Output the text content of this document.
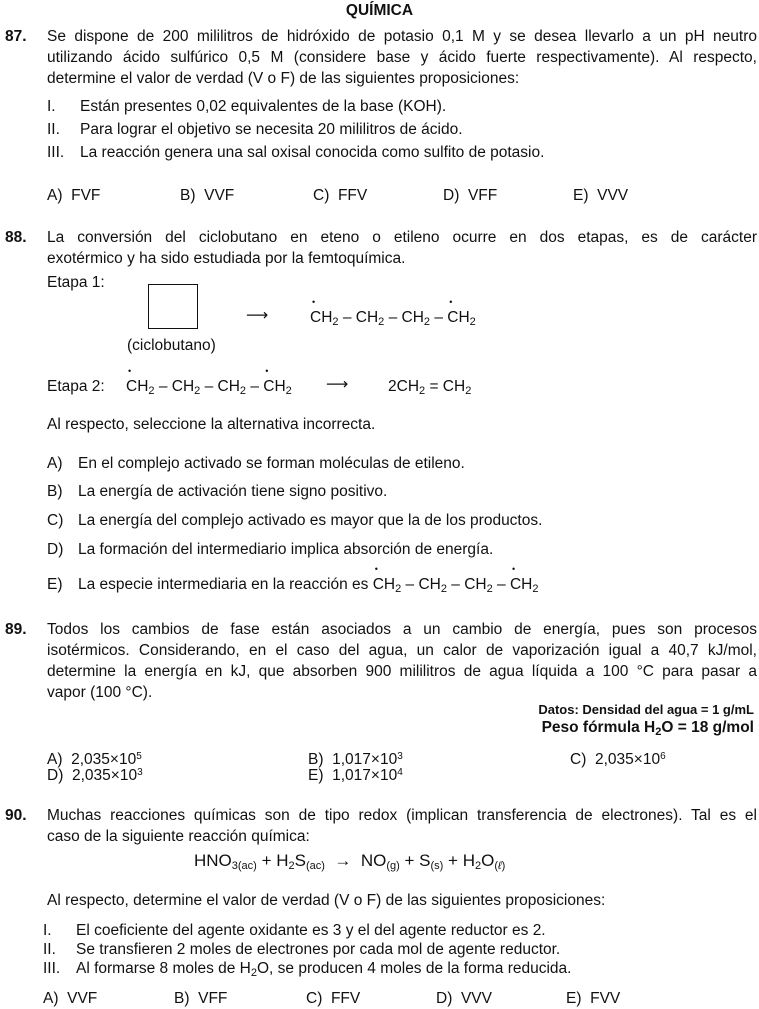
QUÍMICA
87. Se dispone de 200 mililitros de hidróxido de potasio 0,1 M y se desea llevarlo a un pH neutro
utilizando ácido sulfúrico 0,5 M (considere base y ácido fuerte respectivamente). Al respecto,
determine el valor de verdad (V o F) de las siguientes proposiciones:
I. Están presentes 0,02 equivalentes de la base (KOH).
II. Para lograr el objetivo se necesita 20 mililitros de ácido.
III. La reacción genera una sal oxisal conocida como sulfito de potasio.
A)  FVF	B)  VVF	C)  FFV	D)  VFF	E)  VVV
88. La conversión del ciclobutano en eteno o etileno ocurre en dos etapas, es de carácter
exotérmico y ha sido estudiada por la femtoquímica.
Etapa 1:
(ciclobutano)
⟶	• $CH_2 - CH_2 - CH_2$ – • $CH_2$
Etapa 2: • $CH_2 - CH_2 - CH_2$ – • $CH_2$ ⟶	$2CH_2 = CH_2$
Al respecto, seleccione la alternativa incorrecta.
A) En el complejo activado se forman moléculas de etileno.
B) La energía de activación tiene signo positivo.
C) La energía del complejo activado es mayor que la de los productos.
D) La formación del intermediario implica absorción de energía.
E) La especie intermediaria en la reacción es • $CH_2 - CH_2 - CH_2$ – • $CH_2$
89. Todos los cambios de fase están asociados a un cambio de energía, pues son procesos
isotérmicos. Considerando, en el caso del agua, un calor de vaporización igual a 40,7 kJ/mol,
determine la energía en kJ, que absorben 900 mililitros de agua líquida a 100 °C para pasar a
vapor (100 °C).
Datos: Densidad del agua = 1 g/mL
Peso fórmula $H_2O = 18$ g/mol
A) $2,035\times 10^5$	B) $1,017\times 10^3$	C) $2,035\times 10^6$
D) $2,035\times 10^3$	E) $1,017\times 10^4$
90. Muchas reacciones químicas son de tipo redox (implican transferencia de electrones). Tal es el
caso de la siguiente reacción química:
$HNO_{3(ac)} + H_2S_{(ac)} \to NO_{(g)} + S_{(s)} + H_2O_{(\ell)}$
Al respecto, determine el valor de verdad (V o F) de las siguientes proposiciones:
I. El coeficiente del agente oxidante es 3 y el del agente reductor es 2.
II. Se transfieren 2 moles de electrones por cada mol de agente reductor.
III. Al formarse 8 moles de $H_2O$, se producen 4 moles de la forma reducida.
A)  VVF	B)  VFF	C)  FFV	D)  VVV	E)  FVV
